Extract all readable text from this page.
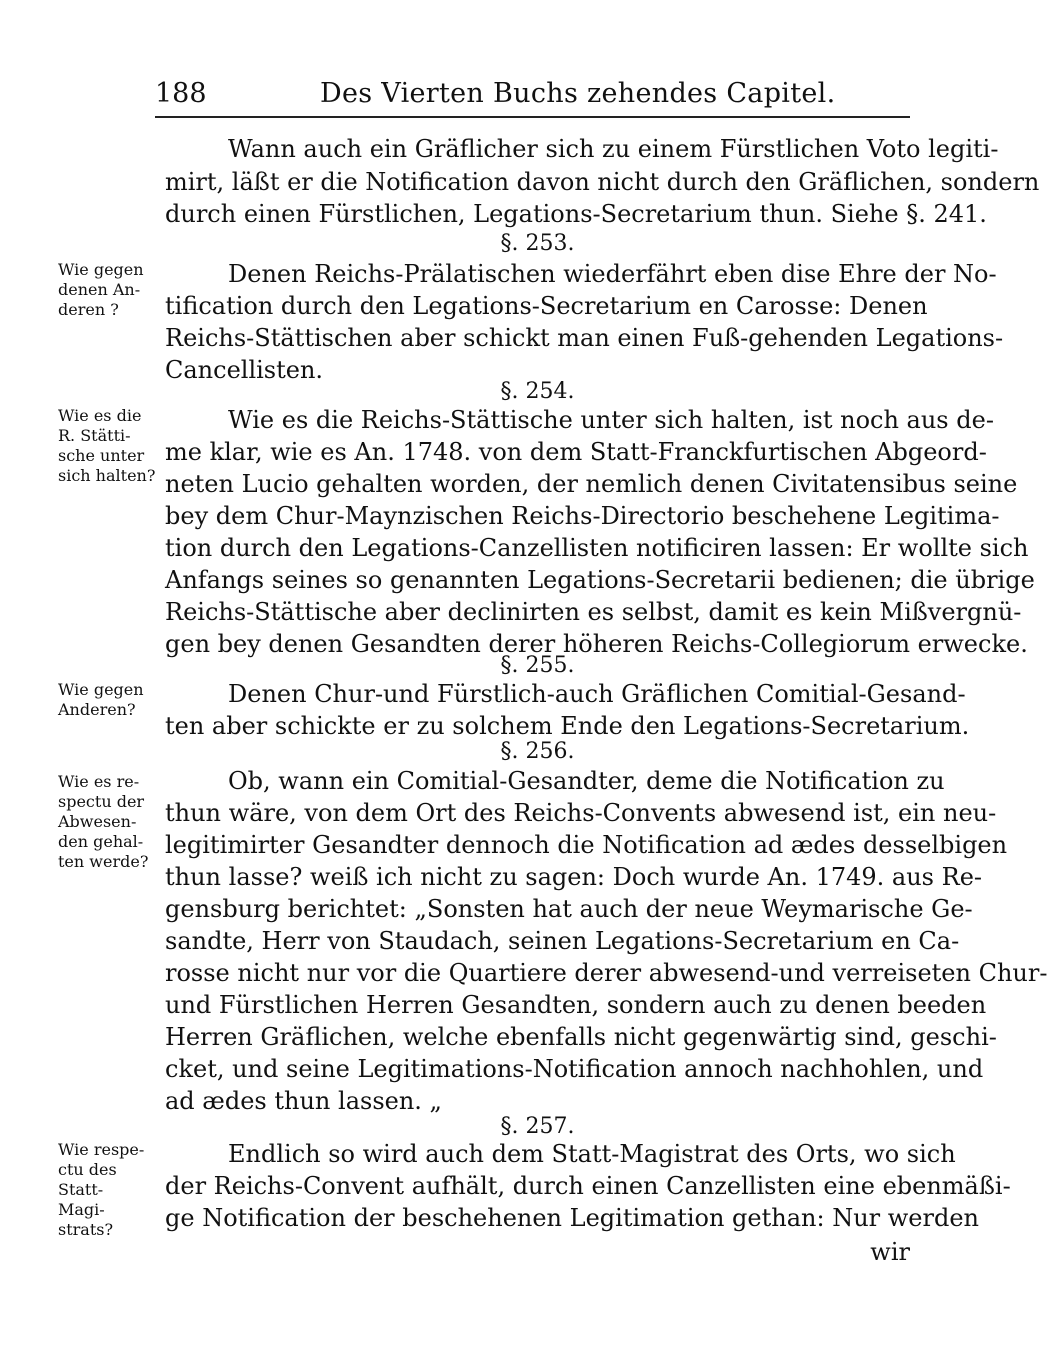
188	Des Vierten Buchs zehendes Capitel.
Wann auch ein Gräflicher sich zu einem Fürstlichen Voto legiti-
mirt, läßt er die Notification davon nicht durch den Gräflichen, sondern
durch einen Fürstlichen, Legations-Secretarium thun. Siehe §. 241.
§. 253.
Wie gegen
denen An-
deren ?
Denen Reichs-Prälatischen wiederfährt eben dise Ehre der No-
tification durch den Legations-Secretarium en Carosse: Denen
Reichs-Stättischen aber schickt man einen Fuß-gehenden Legations-
Cancellisten.
§. 254.
Wie es die
R. Stätti-
sche unter
sich halten?
Wie es die Reichs-Stättische unter sich halten, ist noch aus de-
me klar, wie es An. 1748. von dem Statt-Franckfurtischen Abgeord-
neten Lucio gehalten worden, der nemlich denen Civitatensibus seine
bey dem Chur-Maynzischen Reichs-Directorio beschehene Legitima-
tion durch den Legations-Canzellisten notificiren lassen: Er wollte sich
Anfangs seines so genannten Legations-Secretarii bedienen; die übrige
Reichs-Stättische aber declinirten es selbst, damit es kein Mißvergnü-
gen bey denen Gesandten derer höheren Reichs-Collegiorum erwecke.
§. 255.
Wie gegen
Anderen?
Denen Chur-und Fürstlich-auch Gräflichen Comitial-Gesand-
ten aber schickte er zu solchem Ende den Legations-Secretarium.
§. 256.
Wie es re-
spectu der
Abwesen-
den gehal-
ten werde?
Ob, wann ein Comitial-Gesandter, deme die Notification zu
thun wäre, von dem Ort des Reichs-Convents abwesend ist, ein neu-
legitimirter Gesandter dennoch die Notification ad ædes desselbigen
thun lasse? weiß ich nicht zu sagen: Doch wurde An. 1749. aus Re-
gensburg berichtet: „Sonsten hat auch der neue Weymarische Ge-
sandte, Herr von Staudach, seinen Legations-Secretarium en Ca-
rosse nicht nur vor die Quartiere derer abwesend-und verreiseten Chur-
und Fürstlichen Herren Gesandten, sondern auch zu denen beeden
Herren Gräflichen, welche ebenfalls nicht gegenwärtig sind, geschi-
cket, und seine Legitimations-Notification annoch nachhohlen, und
ad ædes thun lassen. „
§. 257.
Wie respe-
ctu des
Statt-
Magi-
strats?
Endlich so wird auch dem Statt-Magistrat des Orts, wo sich
der Reichs-Convent aufhält, durch einen Canzellisten eine ebenmäßi-
ge Notification der beschehenen Legitimation gethan: Nur werden
wir
